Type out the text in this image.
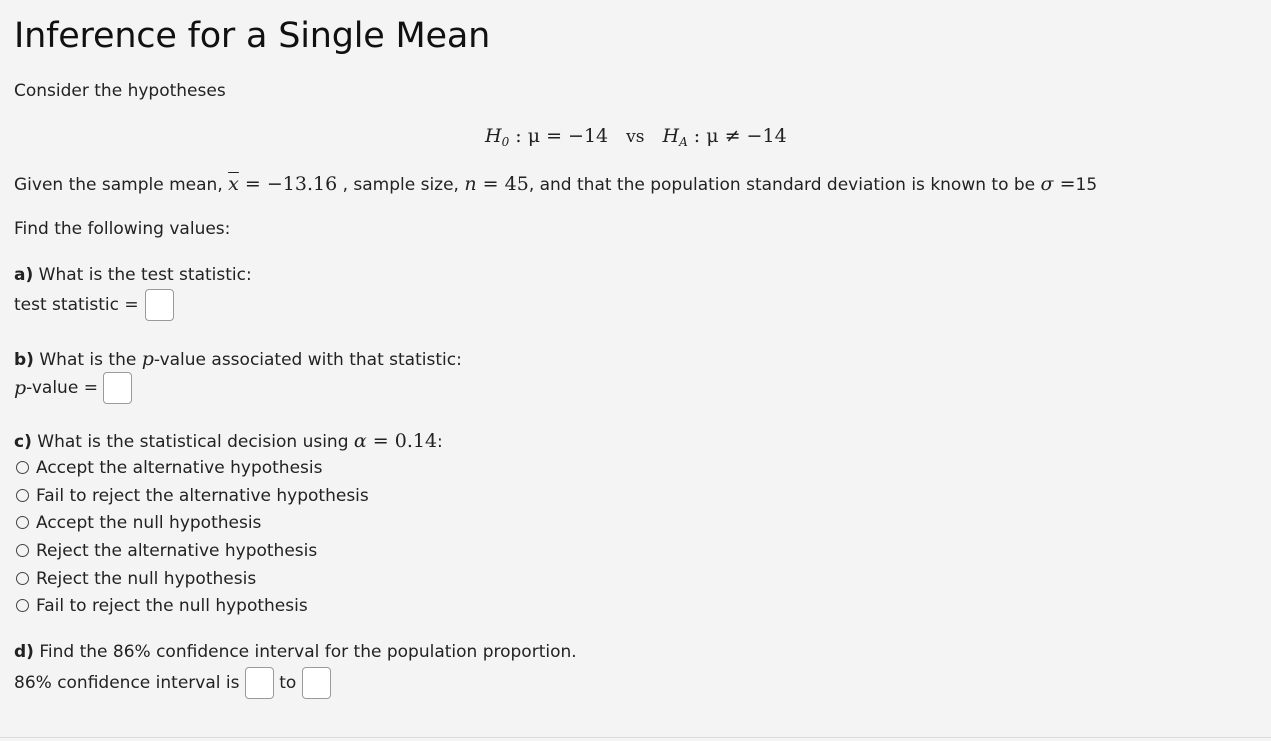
Inference for a Single Mean
Consider the hypotheses
$H_0$ : μ = −14 vs $H_A$ : μ ≠ −14
Given the sample mean, $\overline{x} = -13.16$ , sample size, n = 45, and that the population standard deviation is known to be σ =15
Find the following values:
a) What is the test statistic:
test statistic =
b) What is the p-value associated with that statistic:
p-value =
c) What is the statistical decision using α = 0.14:
Accept the alternative hypothesis
Fail to reject the alternative hypothesis
Accept the null hypothesis
Reject the alternative hypothesis
Reject the null hypothesis
Fail to reject the null hypothesis
d) Find the 86% confidence interval for the population proportion.
86% confidence interval is to
